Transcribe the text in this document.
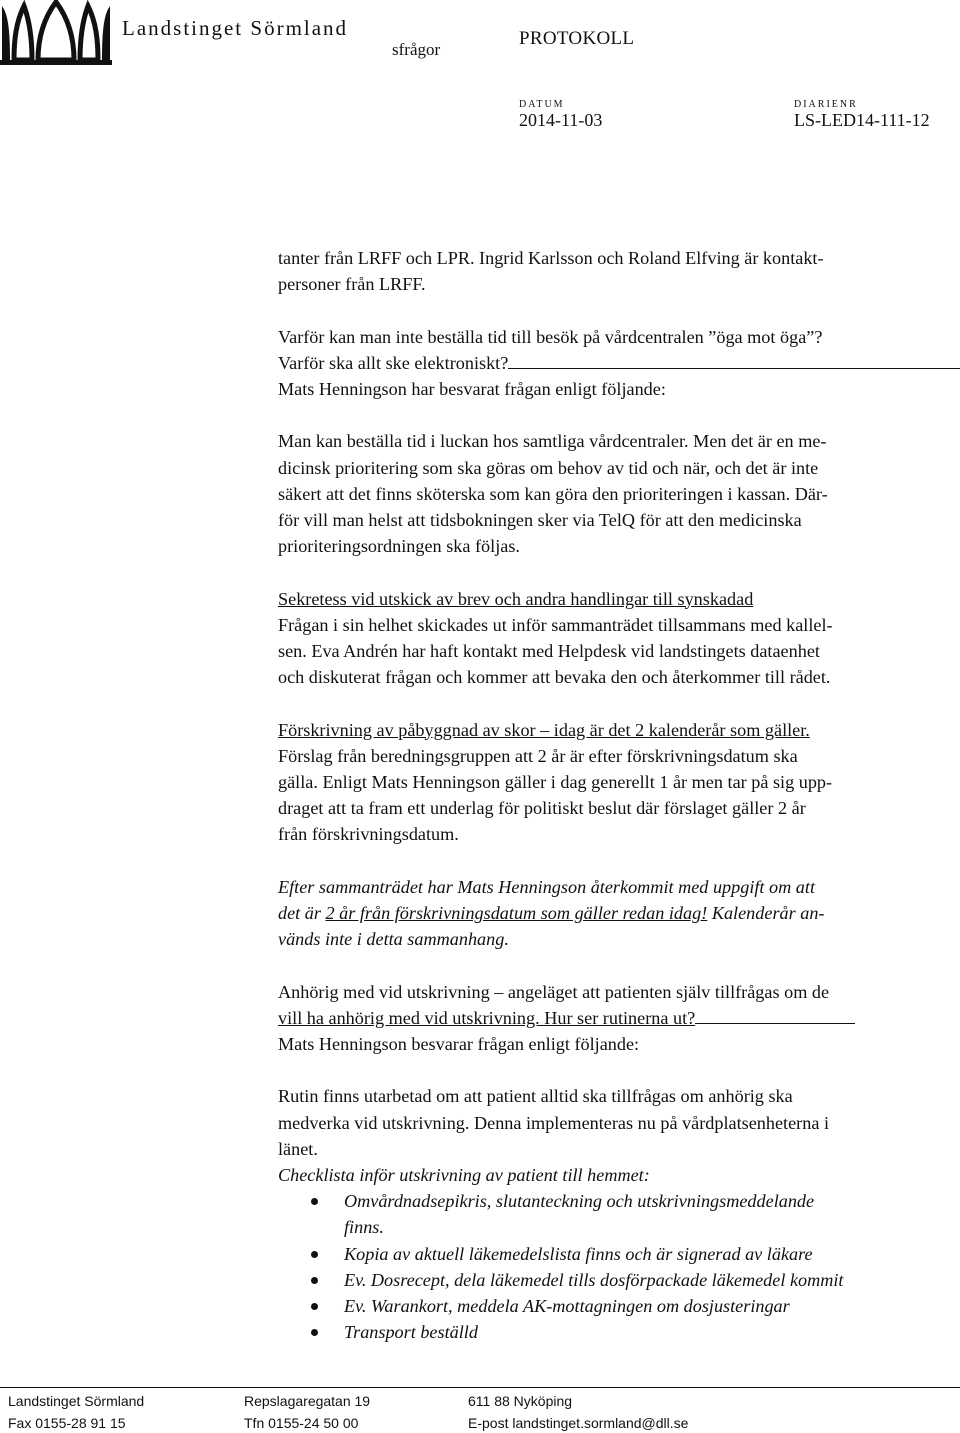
Landstinget Sörmland
sfrågor
PROTOKOLL
DATUM
2014-11-03
DIARIENR
LS-LED14-111-12

tanter från LRFF och LPR. Ingrid Karlsson och Roland Elfving är kontakt-

personer från LRFF.

Varför kan man inte beställa tid till besök på vårdcentralen ”öga mot öga”?

Varför ska allt ske elektroniskt?

Mats Henningson har besvarat frågan enligt följande:

Man kan beställa tid i luckan hos samtliga vårdcentraler. Men det är en me-

dicinsk prioritering som ska göras om behov av tid och när, och det är inte

säkert att det finns sköterska som kan göra den prioriteringen i kassan. Där-

för vill man helst att tidsbokningen sker via TelQ för att den medicinska

prioriteringsordningen ska följas.

Sekretess vid utskick av brev och andra handlingar till synskadad

Frågan i sin helhet skickades ut inför sammanträdet tillsammans med kallel-

sen. Eva Andrén har haft kontakt med Helpdesk vid landstingets dataenhet

och diskuterat frågan och kommer att bevaka den och återkommer till rådet.

Förskrivning av påbyggnad av skor – idag är det 2 kalenderår som gäller.

Förslag från beredningsgruppen att 2 år är efter förskrivningsdatum ska

gälla. Enligt Mats Henningson gäller i dag generellt 1 år men tar på sig upp-

draget att ta fram ett underlag för politiskt beslut där förslaget gäller 2 år

från förskrivningsdatum.

Efter sammanträdet har Mats Henningson återkommit med uppgift om att

det är 2 år från förskrivningsdatum som gäller redan idag! Kalenderår an-

vänds inte i detta sammanhang.

Anhörig med vid utskrivning – angeläget att patienten själv tillfrågas om de

vill ha anhörig med vid utskrivning. Hur ser rutinerna ut?

Mats Henningson besvarar frågan enligt följande:

Rutin finns utarbetad om att patient alltid ska tillfrågas om anhörig ska

medverka vid utskrivning. Denna implementeras nu på vårdplatsenheterna i

länet.

Checklista inför utskrivning av patient till hemmet:

Omvårdnadsepikris, slutanteckning och utskrivningsmeddelande
finns.
Kopia av aktuell läkemedelslista finns och är signerad av läkare
Ev. Dosrecept, dela läkemedel tills dosförpackade läkemedel kommit
Ev. Warankort, meddela AK-mottagningen om dosjusteringar
Transport beställd
Landstinget Sörmland	Repslagaregatan 19	611 88 Nyköping
Fax 0155-28 91 15	Tfn 0155-24 50 00	E-post landstinget.sormland@dll.se
